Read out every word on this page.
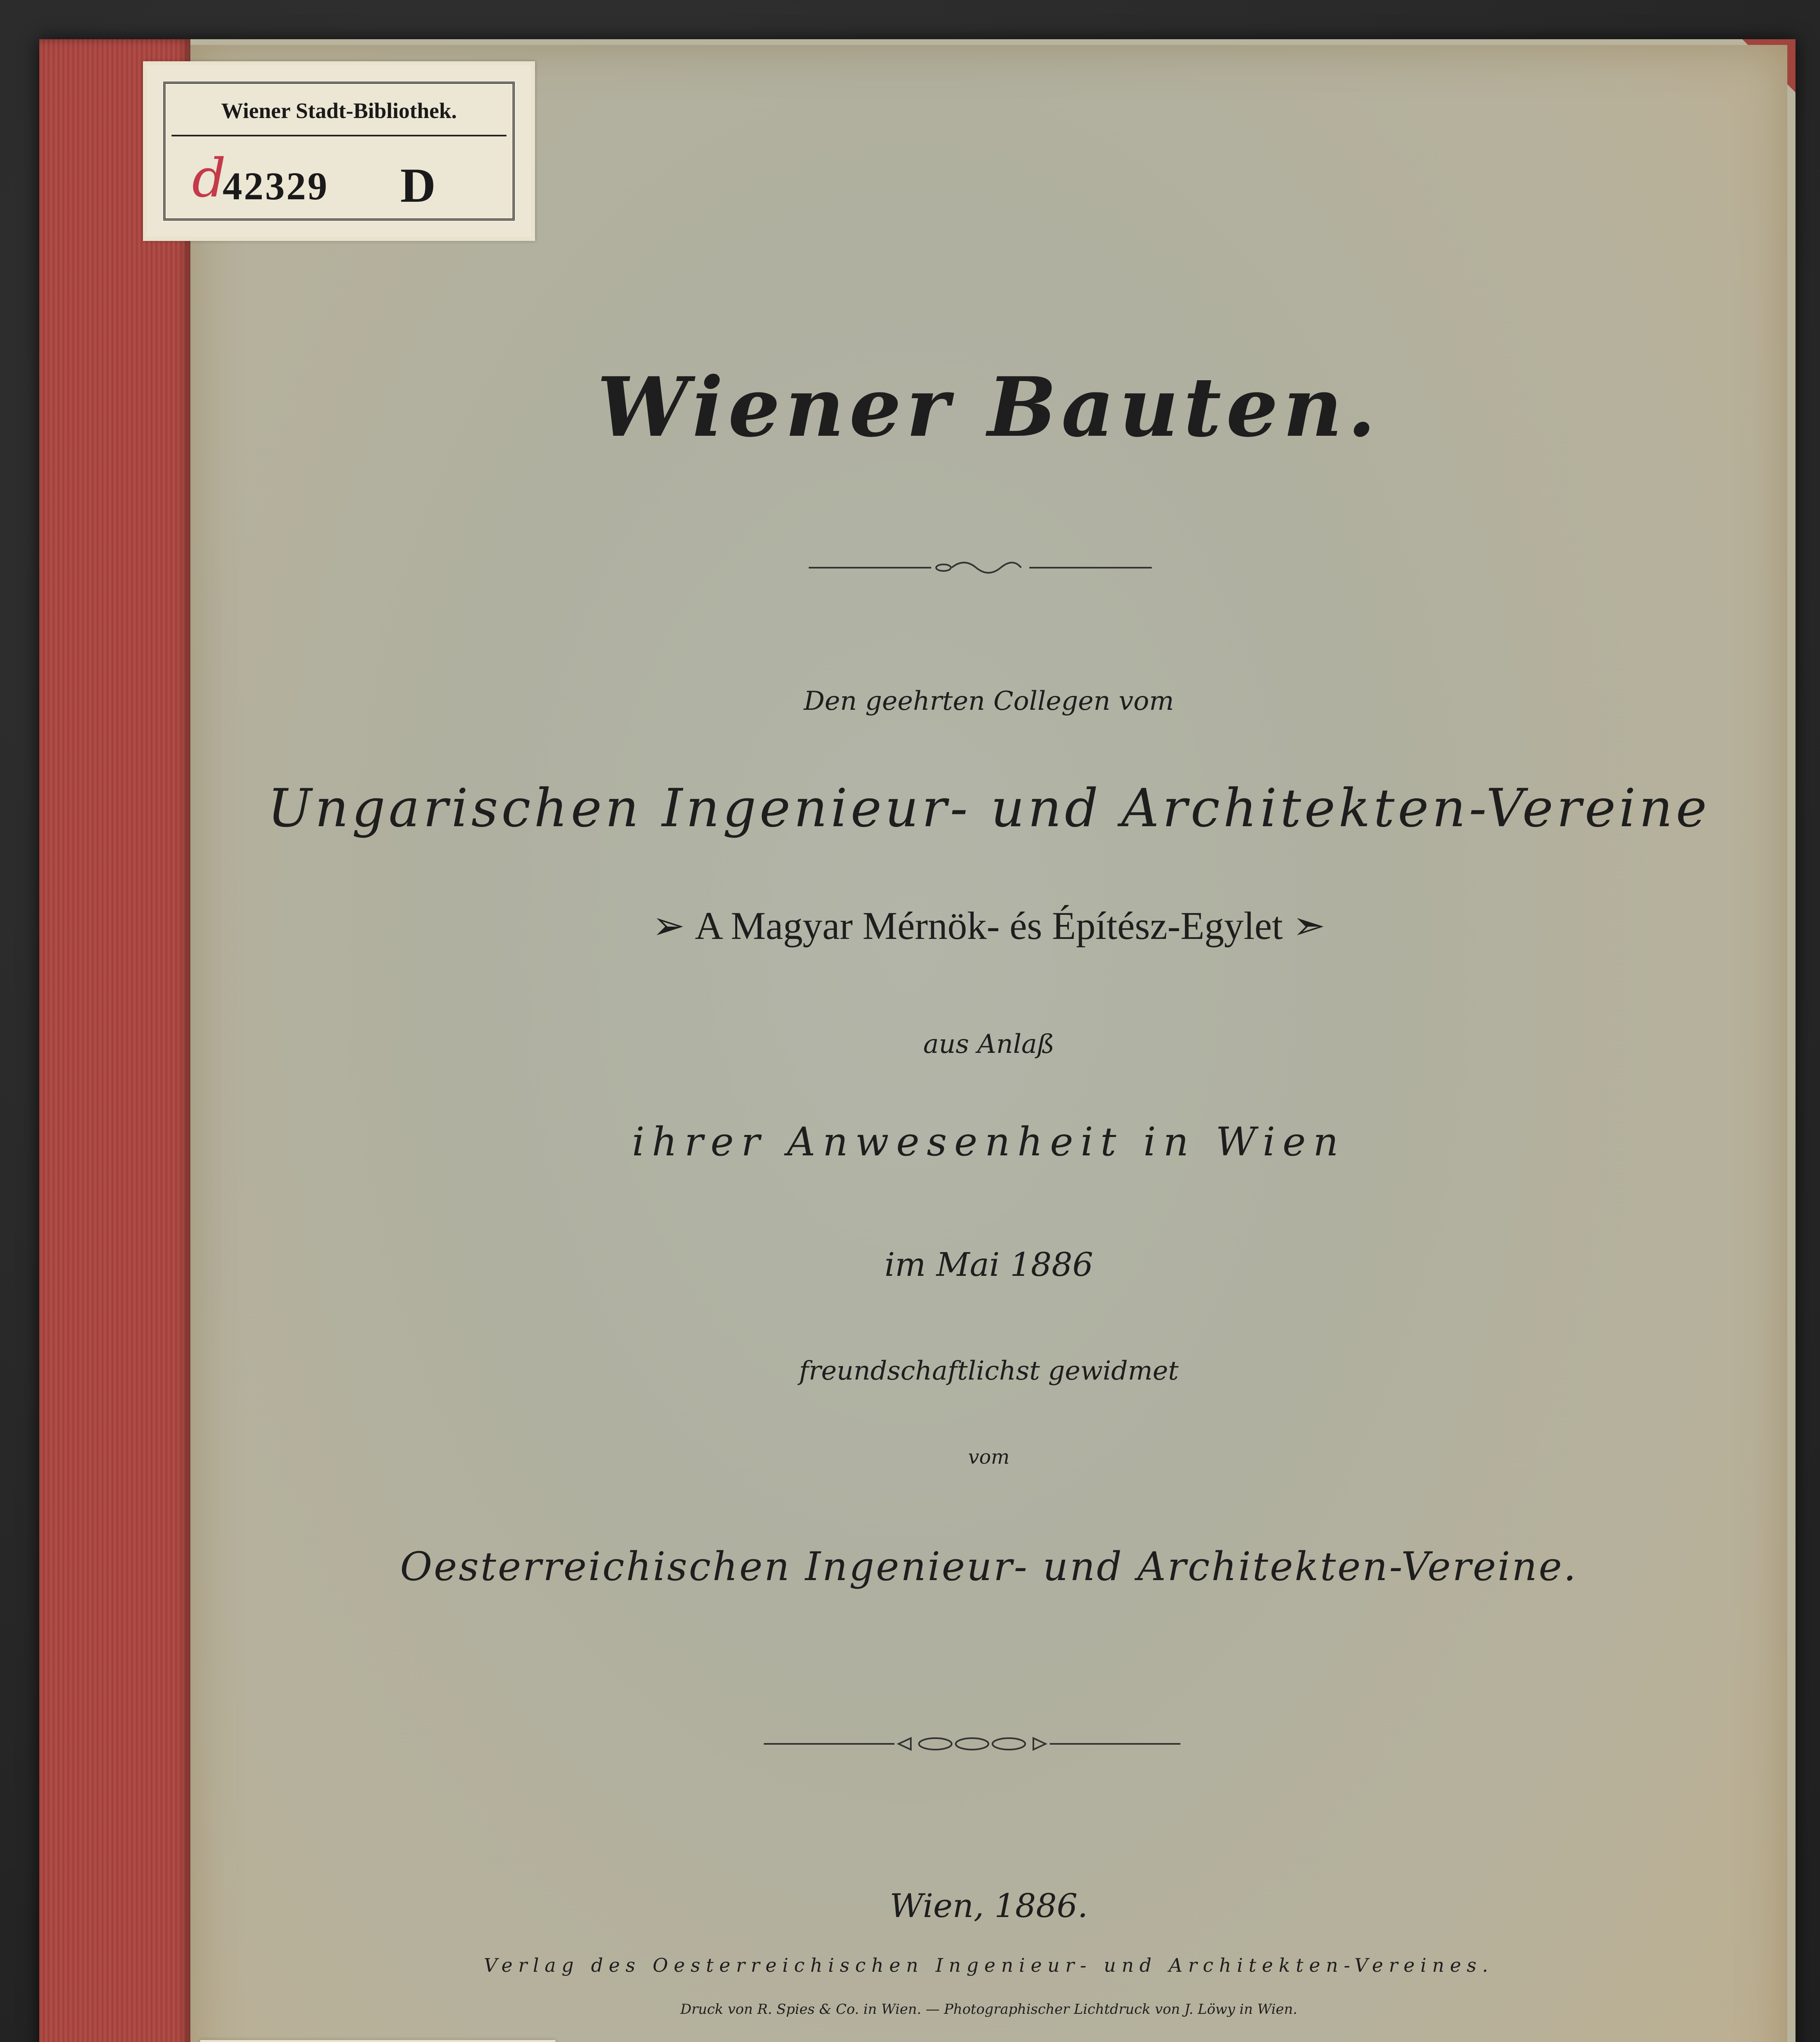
Wiener Stadt-Bibliothek.
d
42329 D
Wiener Bauten.
Den geehrten Collegen vom
Ungarischen Ingenieur- und Architekten-Vereine
➢ A Magyar Mérnök- és Építész-Egylet ➣
aus Anlaß
ihrer Anwesenheit in Wien
im Mai 1886
freundschaftlichst gewidmet
vom
Oesterreichischen Ingenieur- und Architekten-Vereine.
Wien, 1886.
Verlag des Oesterreichischen Ingenieur- und Architekten-Vereines.
Druck von R. Spies & Co. in Wien. — Photographischer Lichtdruck von J. Löwy in Wien.
